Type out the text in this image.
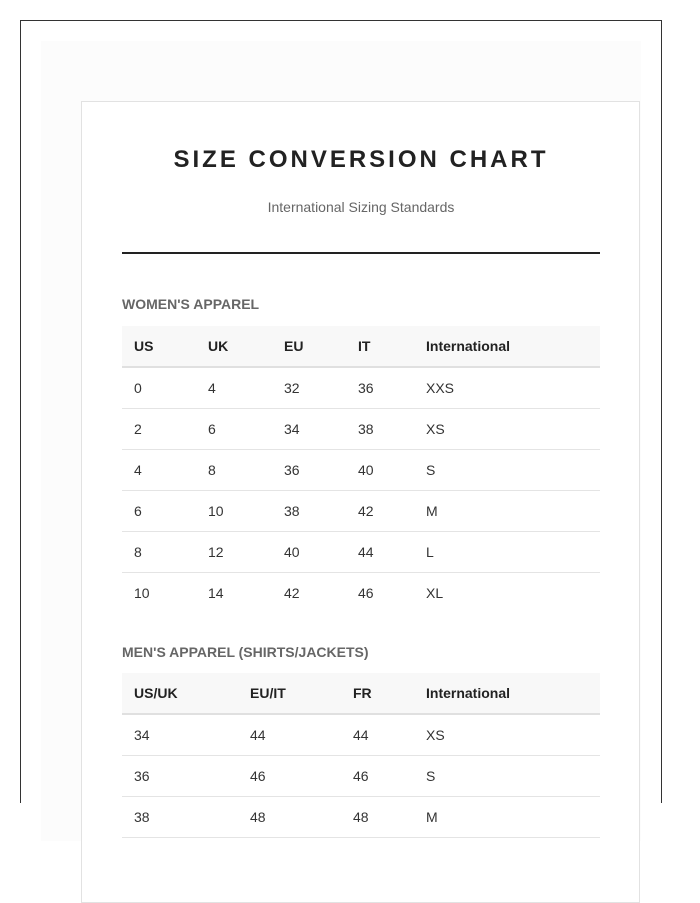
SIZE CONVERSION CHART
International Sizing Standards
WOMEN'S APPAREL
US	UK	EU	IT	International
0	4	32	36	XXS
2	6	34	38	XS
4	8	36	40	S
6	10	38	42	M
8	12	40	44	L
10	14	42	46	XL
MEN'S APPAREL (SHIRTS/JACKETS)
US/UK	EU/IT	FR	International
34	44	44	XS
36	46	46	S
38	48	48	M
